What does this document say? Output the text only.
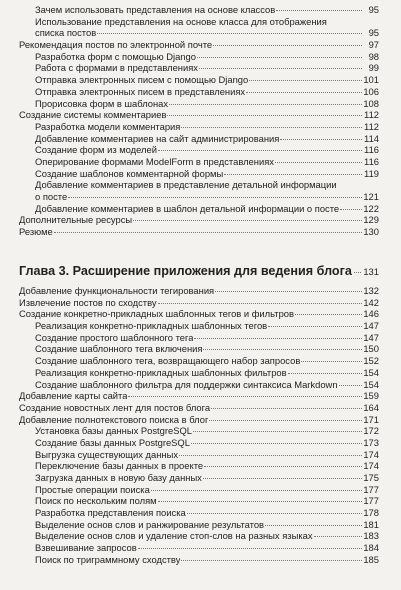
Зачем использовать представления на основе классов	95
Использование представления на основе класса для отображения
списка постов	95
Рекомендация постов по электронной почте	97
Разработка форм с помощью Django	98
Работа с формами в представлениях	99
Отправка электронных писем с помощью Django	101
Отправка электронных писем в представлениях	106
Прорисовка форм в шаблонах	108
Создание системы комментариев	112
Разработка модели комментария	112
Добавление комментариев на сайт администрирования	114
Создание форм из моделей	116
Оперирование формами ModelForm в представлениях	116
Создание шаблонов комментарной формы	119
Добавление комментариев в представление детальной информации
о посте	121
Добавление комментариев в шаблон детальной информации о посте	122
Дополнительные ресурсы	129
Резюме	130
Глава 3. Расширение приложения для ведения блога 131
Добавление функциональности тегирования	132
Извлечение постов по сходству	142
Создание конкретно-прикладных шаблонных тегов и фильтров	146
Реализация конкретно-прикладных шаблонных тегов	147
Создание простого шаблонного тега	147
Создание шаблонного тега включения	150
Создание шаблонного тега, возвращающего набор запросов	152
Реализация конкретно-прикладных шаблонных фильтров	154
Создание шаблонного фильтра для поддержки синтаксиса Markdown	154
Добавление карты сайта	159
Создание новостных лент для постов блога	164
Добавление полнотекстового поиска в блог	171
Установка базы данных PostgreSQL	172
Создание базы данных PostgreSQL	173
Выгрузка существующих данных	174
Переключение базы данных в проекте	174
Загрузка данных в новую базу данных	175
Простые операции поиска	177
Поиск по нескольким полям	177
Разработка представления поиска	178
Выделение основ слов и ранжирование результатов	181
Выделение основ слов и удаление стоп-слов на разных языках	183
Взвешивание запросов	184
Поиск по триграммному сходству	185
